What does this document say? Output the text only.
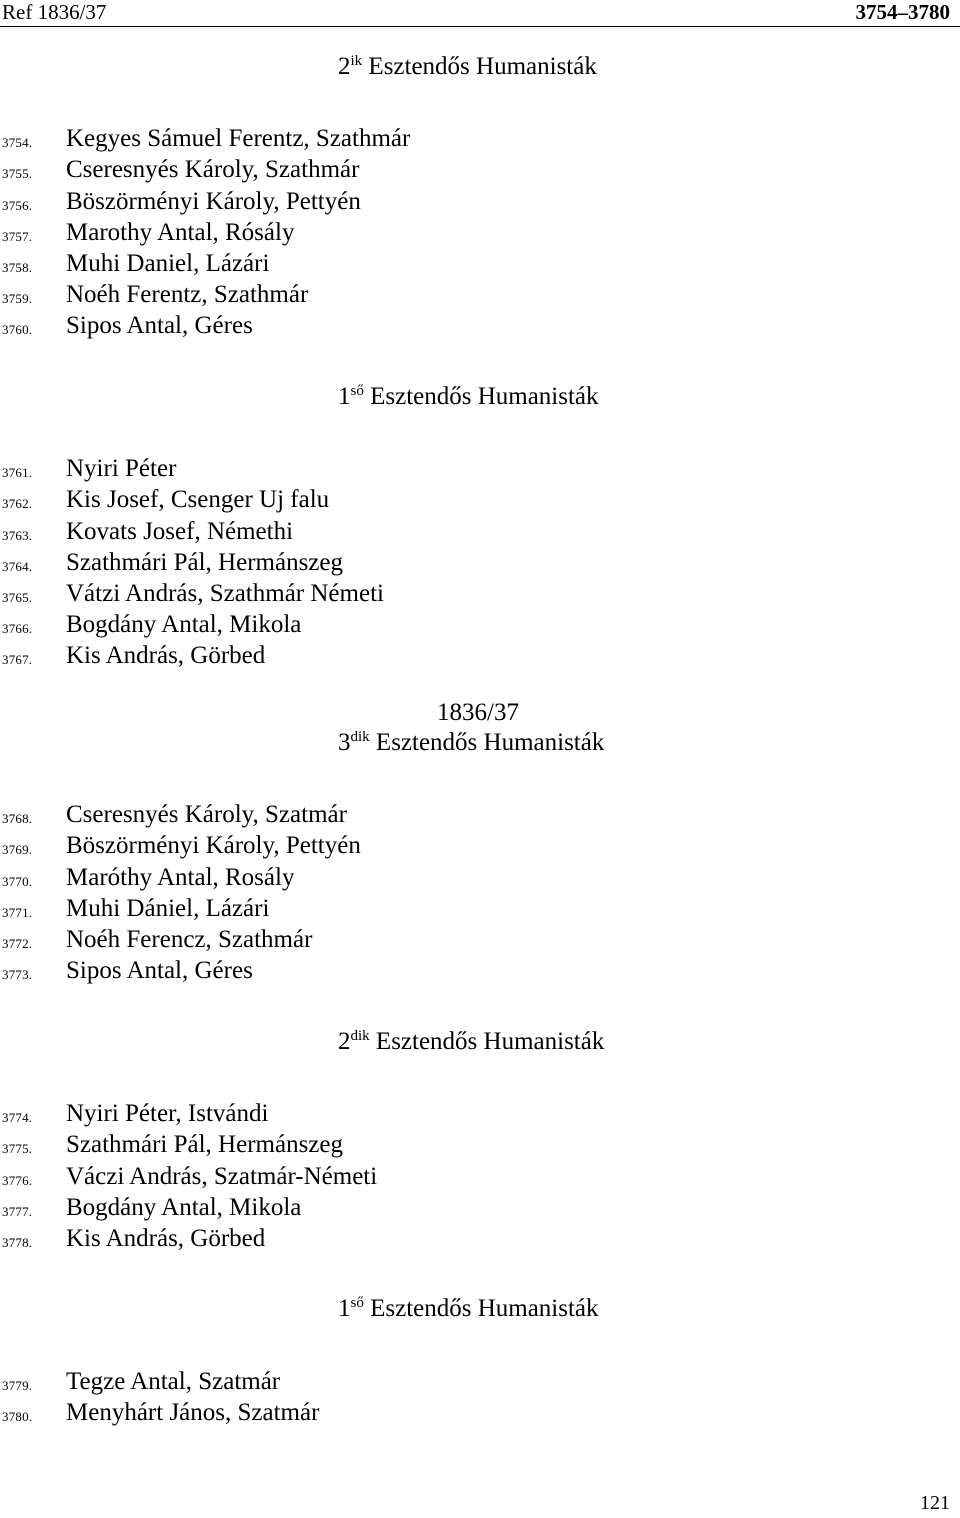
Ref 1836/37	3754–3780
$2^{ik}$ Esztendős Humanisták
3754. Kegyes Sámuel Ferentz, Szathmár
3755. Cseresnyés Károly, Szathmár
3756. Böszörményi Károly, Pettyén
3757. Marothy Antal, Rósály
3758. Muhi Daniel, Lázári
3759. Noéh Ferentz, Szathmár
3760. Sipos Antal, Géres
$1^{ső}$ Esztendős Humanisták
3761. Nyiri Péter
3762. Kis Josef, Csenger Uj falu
3763. Kovats Josef, Némethi
3764. Szathmári Pál, Hermánszeg
3765. Vátzi András, Szathmár Németi
3766. Bogdány Antal, Mikola
3767. Kis András, Görbed
1836/37
$3^{dik}$ Esztendős Humanisták
3768. Cseresnyés Károly, Szatmár
3769. Böszörményi Károly, Pettyén
3770. Maróthy Antal, Rosály
3771. Muhi Dániel, Lázári
3772. Noéh Ferencz, Szathmár
3773. Sipos Antal, Géres
$2^{dik}$ Esztendős Humanisták
3774. Nyiri Péter, Istvándi
3775. Szathmári Pál, Hermánszeg
3776. Váczi András, Szatmár-Németi
3777. Bogdány Antal, Mikola
3778. Kis András, Görbed
$1^{ső}$ Esztendős Humanisták
3779. Tegze Antal, Szatmár
3780. Menyhárt János, Szatmár
121
